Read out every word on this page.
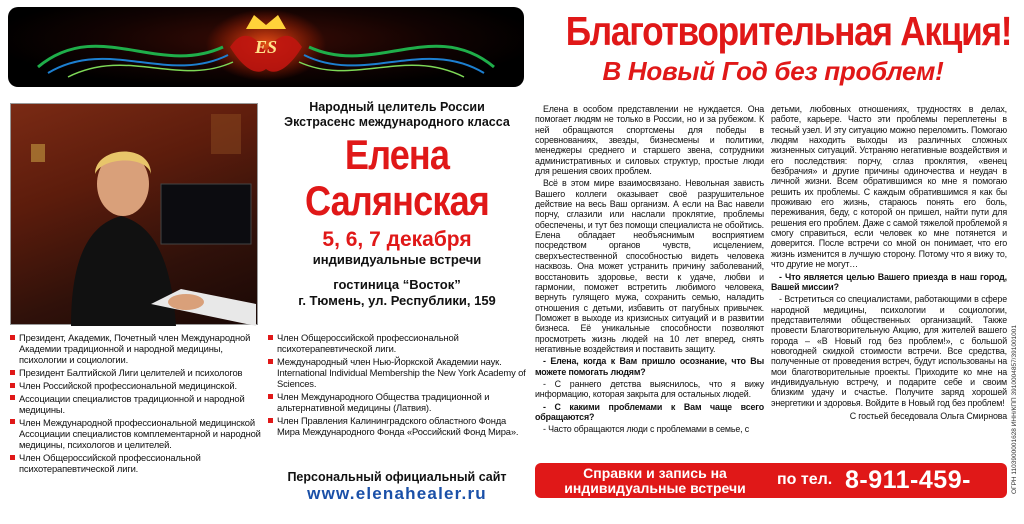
ES	Благотворительная Акция!
В Новый Год без проблем!
Народный целитель России
Экстрасенс международного класса
Елена
Салянская
5, 6, 7 декабря
индивидуальные встречи
гостиница “Восток”
г. Тюмень, ул. Республики, 159

Президент, Академик, Почетный член Международной Академии традиционной и народной медицины, психологии и социологии.

Президент Балтийской Лиги целителей и психологов

Член Российской профессиональной медицинской.

Ассоциации специалистов традиционной и народной медицины.

Член Международной профессиональной медицинской Ассоциации специалистов комплементарной и народной медицины, психологов и целителей.

Член Общероссийской профессиональной психотерапевтической лиги.

Член Общероссийской профессиональной психотерапевтической лиги.

Международный член Нью-Йоркской Академии наук. International Individual Membership the New York Academy of Sciences.

Член Международного Общества традиционной и альтернативной медицины (Латвия).

Член Правления Калининградского областного Фонда Мира Международного Фонда «Российский Фонд Мира».

Персональный официальный сайт
www.elenahealer.ru

Елена в особом представлении не нуждается. Она помогает людям не только в России, но и за рубежом. К ней обращаются спортсмены для победы в соревнованиях, звезды, бизнесмены и политики, менеджеры среднего и старшего звена, сотрудники административных и силовых структур, простые люди для решения своих проблем.

Всё в этом мире взаимосвязано. Невольная зависть Вашего коллеги оказывает своё разрушительное действие на весь Ваш организм. А если на Вас навели порчу, сглазили или наслали проклятие, проблемы обеспечены, и тут без помощи специалиста не обойтись. Елена обладает необъяснимым восприятием посредством органов чувств, исцелением, сверхъестественной способностью видеть человека насквозь. Она может устранить причину заболеваний, восстановить здоровье, вести к удаче, любви и гармонии, поможет встретить любимого человека, вернуть гулящего мужа, сохранить семью, наладить отношения с детьми, избавить от пагубных привычек. Поможет в выходе из кризисных ситуаций и в развитии бизнеса. Её уникальные способности позволяют просмотреть жизнь людей на 10 лет вперед, снять негативные воздействия и поставить защиту.

- Елена, когда к Вам пришло осознание, что Вы можете помогать людям?

- С раннего детства выяснилось, что я вижу информацию, которая закрыта для остальных людей.

- С какими проблемами к Вам чаще всего обращаются?

- Часто обращаются люди с проблемами в семье, с

детьми, любовных отношениях, трудностях в делах, работе, карьере. Часто эти проблемы переплетены в тесный узел. И эту ситуацию можно переломить. Помогаю людям находить выходы из различных сложных жизненных ситуаций. Устраняю негативные воздействия и его последствия: порчу, сглаз проклятия, «венец безбрачия» и другие причины одиночества и неудач в личной жизни. Всем обратившимся ко мне я помогаю решить их проблемы. С каждым обратившимся я как бы проживаю его жизнь, стараюсь понять его боль, переживания, беду, с которой он пришел, найти пути для решения его проблем. Даже с самой тяжелой проблемой я смогу справиться, если человек ко мне потянется и доверится. После встречи со мной он понимает, что его жизнь изменится в лучшую сторону. Потому что я вижу то, что другие не могут…

- Что является целью Вашего приезда в наш город, Вашей миссии?

- Встретиться со специалистами, работающими в сфере народной медицины, психологии и социологии, представителями общественных организаций. Также провести Благотворительную Акцию, для жителей вашего города – «В Новый год без проблем!», с большой новогодней скидкой стоимости встречи. Все средства, полученные от проведения встреч, будут использованы на мои благотворительные проекты. Приходите ко мне на индивидуальную встречу, и подарите себе и своим близким удачу и счастье. Получите заряд хорошей энергетики и здоровья. Войдите в Новый год без проблем!

С гостьей беседовала Ольга Смирнова
Справки и запись на индивидуальные встречи	по тел. 8-911-459-01-20
ОГРН 1103900001628 ИНН/КПП 3910004857/391001001
